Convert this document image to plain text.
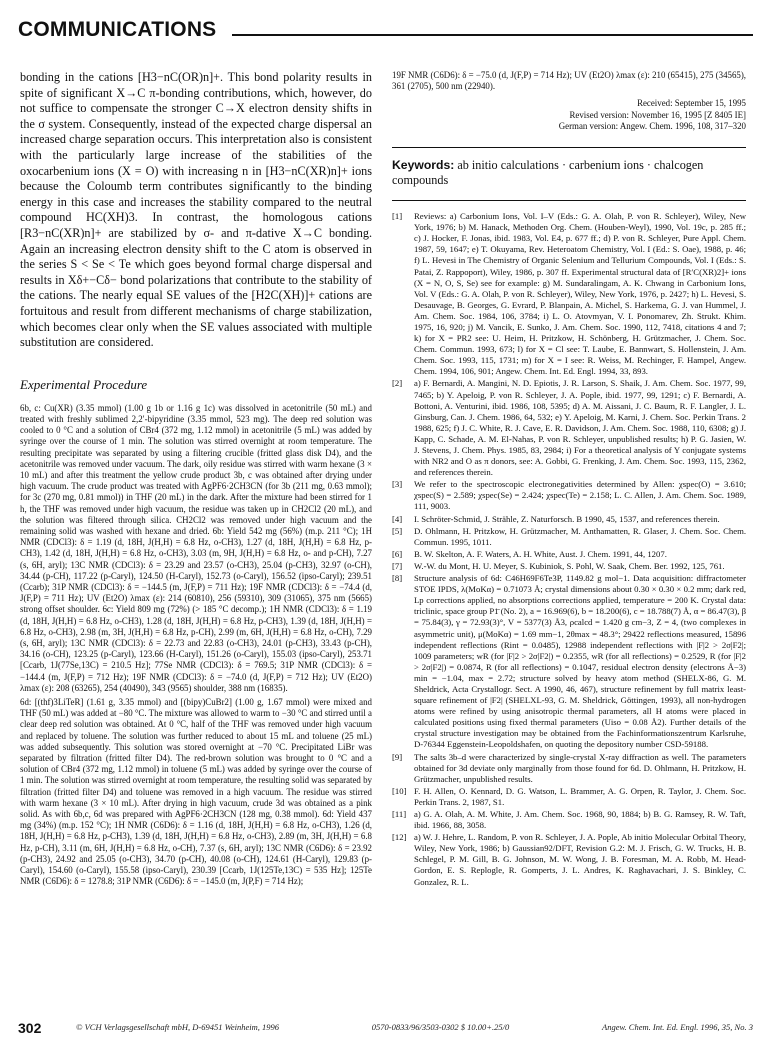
COMMUNICATIONS

bonding in the cations [H3−nC(OR)n]+. This bond polarity results in spite of significant X→C π-bonding contributions, which, however, do not suffice to compensate the stronger C→X electron density shifts in the σ system. Consequently, instead of the expected charge dispersal an increased charge separation occurs. This interpretation also is consistent with the particularly large increase of the stabilities of the oxocarbenium ions (X = O) with increasing n in [H3−nC(XR)n]+ ions because the Coloumb term contributes significantly to the binding energy in this case and increases the stability compared to the neutral compound HC(XH)3. In contrast, the homologous cations [R3−nC(XR)n]+ are stabilized by σ- and π-dative X→C bonding. Again an increasing electron density shift to the C atom is observed in the series S < Se < Te which goes beyond formal charge dispersal and results in Xδ+−Cδ− bond polarizations that contribute to the stability of the cations. The nearly equal SE values of the [H2C(XH)]+ cations are fortuitous and result from different mechanisms of charge stabilization, which becomes clear only when the SE values associated with multiple substitution are considered.

Experimental Procedure

6b, c: Cu(XR) (3.35 mmol) (1.00 g 1b or 1.16 g 1c) was dissolved in acetonitrile (50 mL) and treated with freshly sublimed 2,2′-bipyridine (3.35 mmol, 523 mg). The deep red solution was cooled to 0 °C and a solution of CBr4 (372 mg, 1.12 mmol) in acetonitrile (5 mL) was added by syringe over the course of 1 min. The solution was stirred overnight at room temperature. The resulting precipitate was separated by using a filtering crucible (fritted glass disk D4), and the acetonitrile was removed under vacuum. The dark, oily residue was stirred with warm hexane (3 × 10 mL) and after this treatment the yellow crude product 3b, c was obtained after drying under high vacuum. The crude product was treated with AgPF6·2CH3CN (for 3b (211 mg, 0.63 mmol); for 3c (270 mg, 0.81 mmol)) in THF (20 mL) in the dark. After the mixture had been stirred for 1 h, the THF was removed under high vacuum, the residue was taken up in CH2Cl2 (20 mL), and the solution was filtered through silica. CH2Cl2 was removed under high vacuum and the remaining solid was washed with hexane and dried. 6b: Yield 542 mg (56%) (m.p. 211 °C); 1H NMR (CDCl3): δ = 1.19 (d, 18H, J(H,H) = 6.8 Hz, o-CH3), 1.27 (d, 18H, J(H,H) = 6.8 Hz, p-CH3), 1.42 (d, 18H, J(H,H) = 6.8 Hz, o-CH3), 3.03 (m, 9H, J(H,H) = 6.8 Hz, o- and p-CH), 7.27 (s, 6H, aryl); 13C NMR (CDCl3): δ = 23.29 and 23.57 (o-CH3), 25.04 (p-CH3), 32.97 (o-CH), 34.44 (p-CH), 117.22 (p-Caryl), 124.50 (H-Caryl), 152.73 (o-Caryl), 156.52 (ipso-Caryl); 239.51 (Ccarb); 31P NMR (CDCl3): δ = −144.5 (m, J(F,P) = 711 Hz); 19F NMR (CDCl3): δ = −74.4 (d, J(F,P) = 711 Hz); UV (Et2O) λmax (ε): 214 (60810), 256 (59310), 309 (31065), 375 nm (5665) strong offset shoulder. 6c: Yield 809 mg (72%) (> 185 °C decomp.); 1H NMR (CDCl3): δ = 1.19 (d, 18H, J(H,H) = 6.8 Hz, o-CH3), 1.28 (d, 18H, J(H,H) = 6.8 Hz, p-CH3), 1.39 (d, 18H, J(H,H) = 6.8 Hz, o-CH3), 2.98 (m, 3H, J(H,H) = 6.8 Hz, p-CH), 2.99 (m, 6H, J(H,H) = 6.8 Hz, o-CH), 7.29 (s, 6H, aryl); 13C NMR (CDCl3): δ = 22.73 and 22.83 (o-CH3), 24.01 (p-CH3), 33.43 (p-CH), 34.16 (o-CH), 123.25 (p-Caryl), 123.66 (H-Caryl), 151.26 (o-Caryl), 155.03 (ipso-Caryl), 253.71 [Ccarb, 1J(77Se,13C) = 210.5 Hz]; 77Se NMR (CDCl3): δ = 769.5; 31P NMR (CDCl3): δ = −144.4 (m, J(F,P) = 712 Hz); 19F NMR (CDCl3): δ = −74.0 (d, J(F,P) = 712 Hz); UV (Et2O) λmax (ε): 208 (63265), 254 (40490), 343 (9565) shoulder, 388 nm (16835).

6d: [(thf)3LiTeR] (1.61 g, 3.35 mmol) and [(bipy)CuBr2] (1.00 g, 1.67 mmol) were mixed and THF (50 mL) was added at −80 °C. The mixture was allowed to warm to −30 °C and stirred until a clear deep red solution was obtained. At 0 °C, half of the THF was removed under high vacuum and replaced by toluene. The solution was further reduced to about 15 mL and toluene (25 mL) was added subsequently. This solution was stored overnight at −70 °C. Precipitated LiBr was separated by filtration (fritted filter D4). The red-brown solution was brought to 0 °C and a solution of CBr4 (372 mg, 1.12 mmol) in toluene (5 mL) was added by syringe over the course of 1 min. The solution was stirred overnight at room temperature, the resulting solid was separated by filtration (fritted filter D4) and toluene was removed in a high vacuum. The residue was stirred with warm hexane (3 × 10 mL). After drying in high vacuum, crude 3d was obtained as a pink solid. As with 6b,c, 6d was prepared with AgPF6·2CH3CN (128 mg, 0.38 mmol). 6d: Yield 437 mg (34%) (m.p. 152 °C); 1H NMR (C6D6): δ = 1.16 (d, 18H, J(H,H) = 6.8 Hz, o-CH3), 1.26 (d, 18H, J(H,H) = 6.8 Hz, p-CH3), 1.39 (d, 18H, J(H,H) = 6.8 Hz, o-CH3), 2.89 (m, 3H, J(H,H) = 6.8 Hz, p-CH), 3.11 (m, 6H, J(H,H) = 6.8 Hz, o-CH), 7.37 (s, 6H, aryl); 13C NMR (C6D6): δ = 23.92 (p-CH3), 24.92 and 25.05 (o-CH3), 34.70 (p-CH), 40.08 (o-CH), 124.61 (H-Caryl), 129.83 (p-Caryl), 154.60 (o-Caryl), 155.58 (ipso-Caryl), 230.39 [Ccarb, 1J(125Te,13C) = 535 Hz]; 125Te NMR (C6D6): δ = 1278.8; 31P NMR (C6D6): δ = −145.0 (m, J(P,F) = 714 Hz);

19F NMR (C6D6): δ = −75.0 (d, J(F,P) = 714 Hz); UV (Et2O) λmax (ε): 210 (65415), 275 (34565), 361 (2705), 500 nm (22940).

Received: September 15, 1995
Revised version: November 16, 1995 [Z 8405 IE]
German version: Angew. Chem. 1996, 108, 317–320

Keywords: ab initio calculations · carbenium ions · chalcogen compounds

[1]	Reviews: a) Carbonium Ions, Vol. I–V (Eds.: G. A. Olah, P. von R. Schleyer), Wiley, New York, 1976; b) M. Hanack, Methoden Org. Chem. (Houben-Weyl), 1990, Vol. 19c, p. 285 ff.; c) J. Hocker, F. Jonas, ibid. 1983, Vol. E4, p. 677 ff.; d) P. von R. Schleyer, Pure Appl. Chem. 1987, 59, 1647; e) T. Okuyama, Rev. Heteroatom Chemistry, Vol. I (Ed.: S. Oae), 1988, p. 46; f) L. Hevesi in The Chemistry of Organic Selenium and Tellurium Compounds, Vol. I (Eds.: S. Patai, Z. Rappoport), Wiley, 1986, p. 307 ff. Experimental structural data of [R′C(XR)2]+ ions (X = N, O, S, Se) see for example: g) M. Sundaralingam, A. K. Chwang in Carbonium Ions, Vol. V (Eds.: G. A. Olah, P. von R. Schleyer), Wiley, New York, 1976, p. 2427; h) L. Hevesi, S. Desauvage, B. Georges, G. Evrard, P. Blanpain, A. Michel, S. Harkema, G. J. van Hummel, J. Am. Chem. Soc. 1984, 106, 3784; i) L. O. Atovmyan, V. I. Ponomarev, Zh. Strukt. Khim. 1975, 16, 920; j) M. Vancik, E. Sunko, J. Am. Chem. Soc. 1990, 112, 7418, citations 4 and 7; k) for X = PR2 see: U. Heim, H. Pritzkow, H. Schönberg, H. Grützmacher, J. Chem. Soc. Chem. Commun. 1993, 673; l) for X = Cl see: T. Laube, E. Bannwart, S. Hollenstein, J. Am. Chem. Soc. 1993, 115, 1731; m) for X = I see: R. Weiss, M. Rechinger, F. Hampel, Angew. Chem. 1994, 106, 901; Angew. Chem. Int. Ed. Engl. 1994, 33, 893.
[2]	a) F. Bernardi, A. Mangini, N. D. Epiotis, J. R. Larson, S. Shaik, J. Am. Chem. Soc. 1977, 99, 7465; b) Y. Apeloig, P. von R. Schleyer, J. A. Pople, ibid. 1977, 99, 1291; c) F. Bernardi, A. Bottoni, A. Venturini, ibid. 1986, 108, 5395; d) A. M. Aissani, J. C. Baum, R. F. Langler, J. L. Ginsburg, Can. J. Chem. 1986, 64, 532; e) Y. Apeloig, M. Karni, J. Chem. Soc. Perkin Trans. 2 1988, 625; f) J. C. White, R. J. Cave, E. R. Davidson, J. Am. Chem. Soc. 1988, 110, 6308; g) J. Kapp, C. Schade, A. M. El-Nahas, P. von R. Schleyer, unpublished results; h) P. G. Jasien, W. J. Stevens, J. Chem. Phys. 1985, 83, 2984; i) For a theoretical analysis of Y conjugate systems with NR2 and O as π donors, see: A. Gobbi, G. Frenking, J. Am. Chem. Soc. 1993, 115, 2362, and references therein.
[3]	We refer to the spectroscopic electronegativities determined by Allen: χspec(O) = 3.610; χspec(S) = 2.589; χspec(Se) = 2.424; χspec(Te) = 2.158; L. C. Allen, J. Am. Chem. Soc. 1989, 111, 9003.
[4]	I. Schröter-Schmid, J. Strähle, Z. Naturforsch. B 1990, 45, 1537, and references therein.
[5]	D. Ohlmann, H. Pritzkow, H. Grützmacher, M. Anthamatten, R. Glaser, J. Chem. Soc. Chem. Commun. 1995, 1011.
[6]	B. W. Skelton, A. F. Waters, A. H. White, Aust. J. Chem. 1991, 44, 1207.
[7]	W.-W. du Mont, H. U. Meyer, S. Kubiniok, S. Pohl, W. Saak, Chem. Ber. 1992, 125, 761.
[8]	Structure analysis of 6d: C46H69F6Te3P, 1149.82 g mol−1. Data acquisition: diffractometer STOE IPDS, λ(MoKα) = 0.71073 Å; crystal dimensions about 0.30 × 0.30 × 0.2 mm; dark red, Lp corrections applied, no absorptions corrections applied, temperature = 200 K. Crystal data: triclinic, space group P1̄ (No. 2), a = 16.969(6), b = 18.200(6), c = 18.788(7) Å, α = 86.47(3), β = 75.84(3), γ = 72.93(3)°, V = 5377(3) Å3, ρcalcd = 1.420 g cm−3, Z = 4, (two complexes in asymmetric unit), μ(MoKα) = 1.69 mm−1, 2θmax = 48.3°; 29422 reflections measured, 15896 independent reflections (Rint = 0.0485), 12988 independent reflections with |F|2 > 2σ|F2|; 1009 parameters; wR (for |F|2 > 2σ|F2|) = 0.2355, wR (for all reflections) = 0.2529, R (for |F|2 > 2σ|F2|) = 0.0874, R (for all reflections) = 0.1047, residual electron density (electrons Å−3) min = −1.04, max = 2.72; structure solved by heavy atom method (SHELX-86, G. M. Sheldrick, Acta Crystallogr. Sect. A 1990, 46, 467), structure refinement by full matrix least-square refinement of |F2| (SHELXL-93, G. M. Sheldrick, Göttingen, 1993), all non-hydrogen atoms were refined by using anisotropic thermal parameters, all H atoms were placed in calculated positions using fixed thermal parameters (Uiso = 0.08 Å2). Further details of the crystal structure investigation may be obtained from the Fachinformationszentrum Karlsruhe, D-76344 Eggenstein-Leopoldshafen, on quoting the depository number CSD-59188.
[9]	The salts 3b–d were characterized by single-crystal X-ray diffraction as well. The parameters obtained for 3d deviate only marginally from those found for 6d. D. Ohlmann, H. Pritzkow, H. Grützmacher, unpublished results.
[10] F. H. Allen, O. Kennard, D. G. Watson, L. Brammer, A. G. Orpen, R. Taylor, J. Chem. Soc. Perkin Trans. 2, 1987, S1.
[11] a) G. A. Olah, A. M. White, J. Am. Chem. Soc. 1968, 90, 1884; b) B. G. Ramsey, R. W. Taft, ibid. 1966, 88, 3058.
[12] a) W. J. Hehre, L. Random, P. von R. Schleyer, J. A. Pople, Ab initio Molecular Orbital Theory, Wiley, New York, 1986; b) Gaussian92/DFT, Revision G.2: M. J. Frisch, G. W. Trucks, H. B. Schlegel, P. M. Gill, B. G. Johnson, M. W. Wong, J. B. Foresman, M. A. Robb, M. Head-Gordon, E. S. Replogle, R. Gomperts, J. L. Andres, K. Raghavachari, J. S. Binkley, C. Gonzalez, R. L.
302	© VCH Verlagsgesellschaft mbH, D-69451 Weinheim, 1996	0570-0833/96/3503-0302 $ 10.00+.25/0	Angew. Chem. Int. Ed. Engl. 1996, 35, No. 3
